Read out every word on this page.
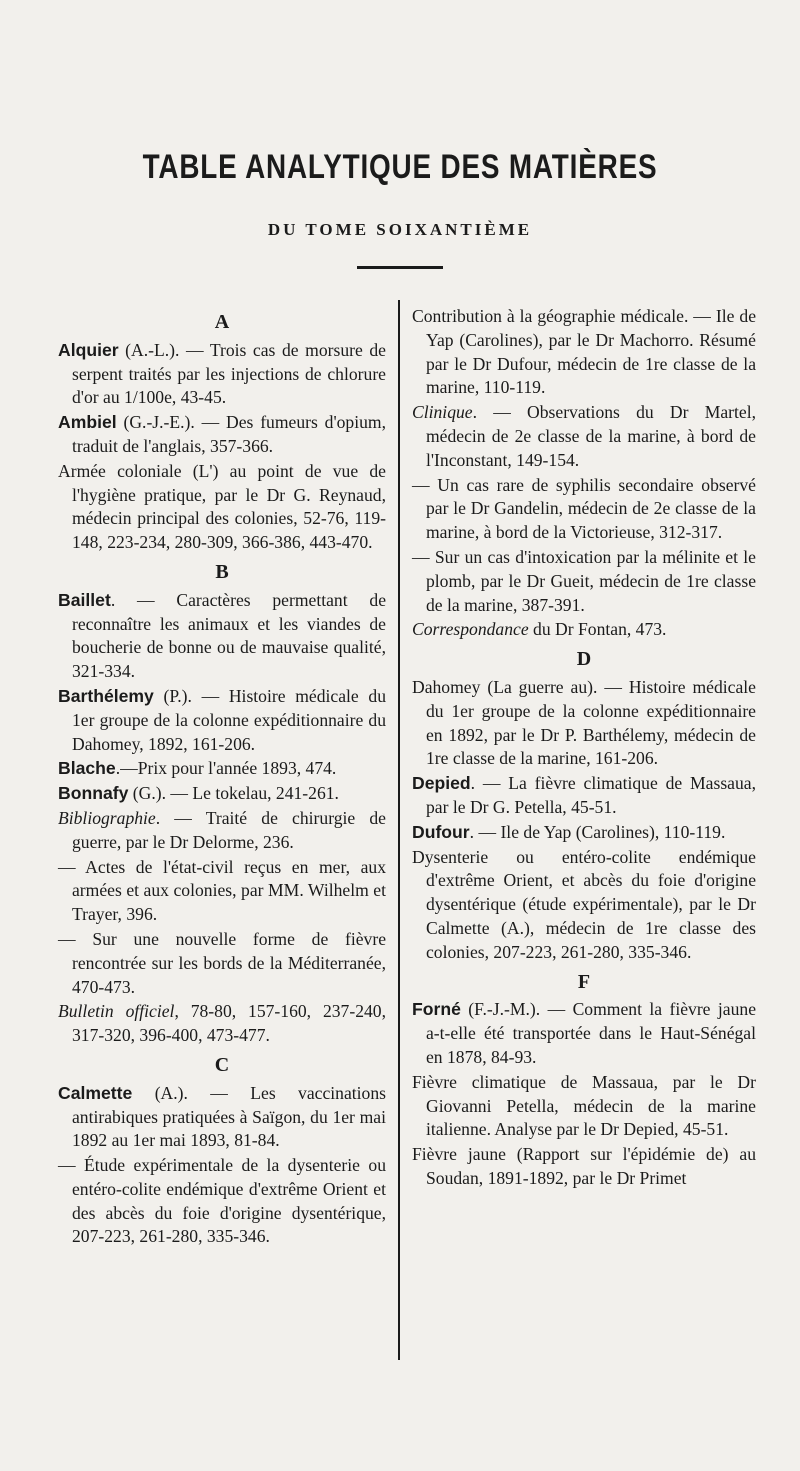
TABLE ANALYTIQUE DES MATIÈRES
DU TOME SOIXANTIÈME
A
Alquier (A.-L.). — Trois cas de morsure de serpent traités par les injections de chlorure d'or au 1/100e, 43-45.
Ambiel (G.-J.-E.). — Des fumeurs d'opium, traduit de l'anglais, 357-366.
Armée coloniale (L') au point de vue de l'hygiène pratique, par le Dr G. Reynaud, médecin principal des colonies, 52-76, 119-148, 223-234, 280-309, 366-386, 443-470.
B
Baillet. — Caractères permettant de reconnaître les animaux et les viandes de boucherie de bonne ou de mauvaise qualité, 321-334.
Barthélemy (P.). — Histoire médicale du 1er groupe de la colonne expéditionnaire du Dahomey, 1892, 161-206.
Blache.—Prix pour l'année 1893, 474.
Bonnafy (G.). — Le tokelau, 241-261.
Bibliographie. — Traité de chirurgie de guerre, par le Dr Delorme, 236.
— Actes de l'état-civil reçus en mer, aux armées et aux colonies, par MM. Wilhelm et Trayer, 396.
— Sur une nouvelle forme de fièvre rencontrée sur les bords de la Méditerranée, 470-473.
Bulletin officiel, 78-80, 157-160, 237-240, 317-320, 396-400, 473-477.
C
Calmette (A.). — Les vaccinations antirabiques pratiquées à Saïgon, du 1er mai 1892 au 1er mai 1893, 81-84.
— Étude expérimentale de la dysenterie ou entéro-colite endémique d'extrême Orient et des abcès du foie d'origine dysentérique, 207-223, 261-280, 335-346.
Contribution à la géographie médicale. — Ile de Yap (Carolines), par le Dr Machorro. Résumé par le Dr Dufour, médecin de 1re classe de la marine, 110-119.
Clinique. — Observations du Dr Martel, médecin de 2e classe de la marine, à bord de l'Inconstant, 149-154.
— Un cas rare de syphilis secondaire observé par le Dr Gandelin, médecin de 2e classe de la marine, à bord de la Victorieuse, 312-317.
— Sur un cas d'intoxication par la mélinite et le plomb, par le Dr Gueit, médecin de 1re classe de la marine, 387-391.
Correspondance du Dr Fontan, 473.
D
Dahomey (La guerre au). — Histoire médicale du 1er groupe de la colonne expéditionnaire en 1892, par le Dr P. Barthélemy, médecin de 1re classe de la marine, 161-206.
Depied. — La fièvre climatique de Massaua, par le Dr G. Petella, 45-51.
Dufour. — Ile de Yap (Carolines), 110-119.
Dysenterie ou entéro-colite endémique d'extrême Orient, et abcès du foie d'origine dysentérique (étude expérimentale), par le Dr Calmette (A.), médecin de 1re classe des colonies, 207-223, 261-280, 335-346.
F
Forné (F.-J.-M.). — Comment la fièvre jaune a-t-elle été transportée dans le Haut-Sénégal en 1878, 84-93.
Fièvre climatique de Massaua, par le Dr Giovanni Petella, médecin de la marine italienne. Analyse par le Dr Depied, 45-51.
Fièvre jaune (Rapport sur l'épidémie de) au Soudan, 1891-1892, par le Dr Primet
